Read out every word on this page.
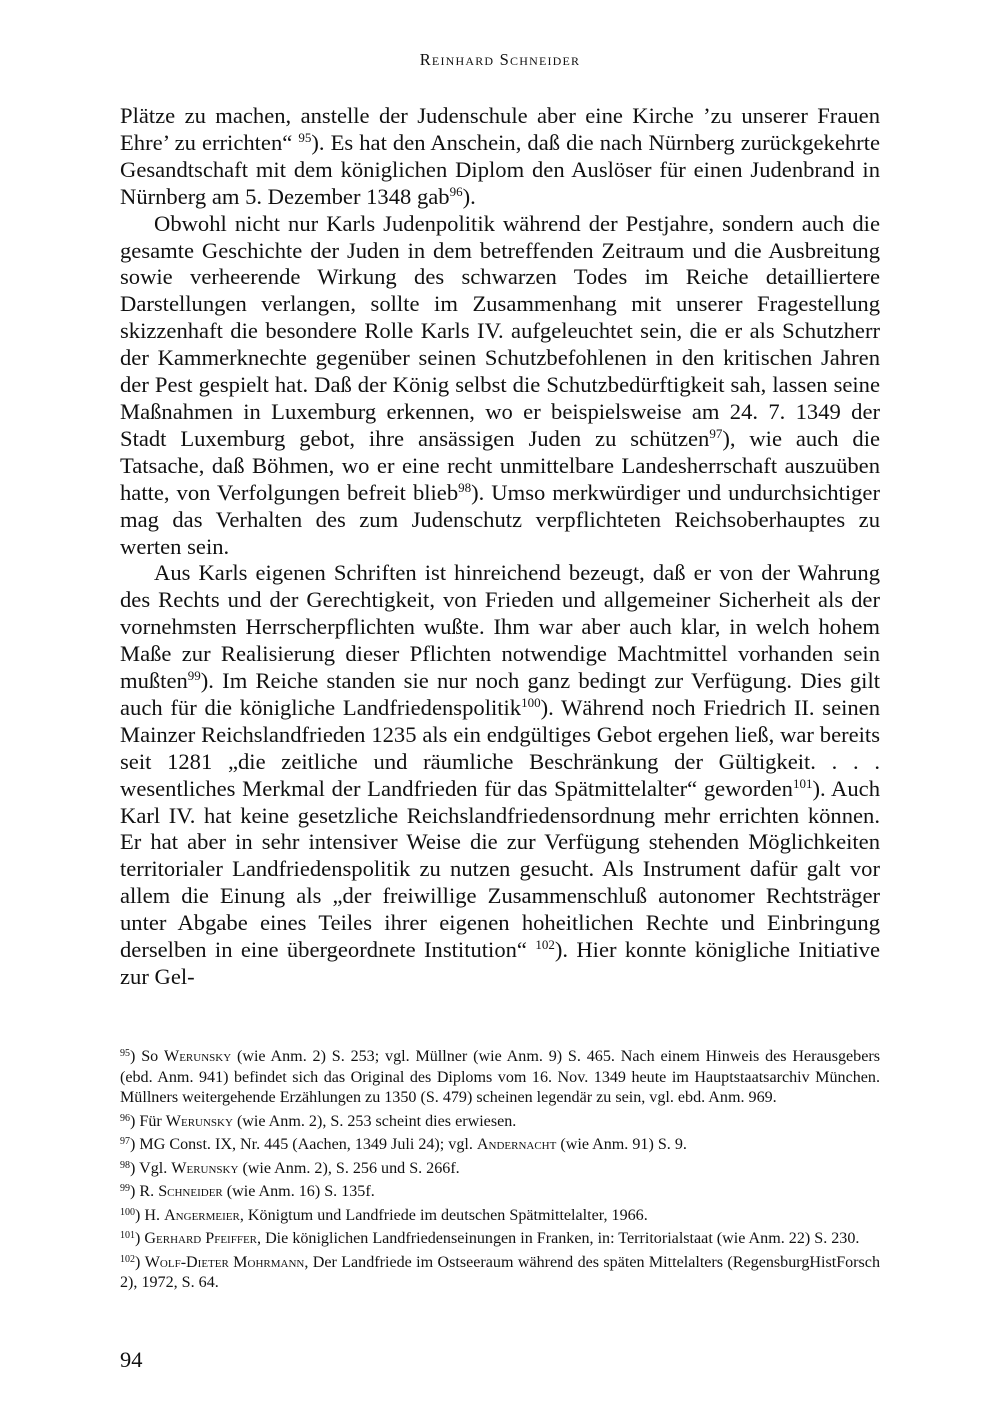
Reinhard Schneider

Plätze zu machen, anstelle der Judenschule aber eine Kirche ’zu unserer Frauen Ehre’ zu errichten“ $^{95}$). Es hat den Anschein, daß die nach Nürnberg zurückgekehrte Gesandtschaft mit dem königlichen Diplom den Auslöser für einen Judenbrand in Nürnberg am 5. Dezember 1348 gab$^{96}$).

Obwohl nicht nur Karls Judenpolitik während der Pestjahre, sondern auch die gesamte Geschichte der Juden in dem betreffenden Zeitraum und die Ausbreitung sowie verheerende Wirkung des schwarzen Todes im Reiche detailliertere Darstellungen verlangen, sollte im Zusammenhang mit unserer Fragestellung skizzenhaft die besondere Rolle Karls IV. aufgeleuchtet sein, die er als Schutzherr der Kammerknechte gegenüber seinen Schutzbefohlenen in den kritischen Jahren der Pest gespielt hat. Daß der König selbst die Schutzbedürftigkeit sah, lassen seine Maßnahmen in Luxemburg erkennen, wo er beispielsweise am 24. 7. 1349 der Stadt Luxemburg gebot, ihre ansässigen Juden zu schützen$^{97}$), wie auch die Tatsache, daß Böhmen, wo er eine recht unmittelbare Landesherrschaft auszuüben hatte, von Verfolgungen befreit blieb$^{98}$). Umso merkwürdiger und undurchsichtiger mag das Verhalten des zum Judenschutz verpflichteten Reichsoberhauptes zu werten sein.

Aus Karls eigenen Schriften ist hinreichend bezeugt, daß er von der Wahrung des Rechts und der Gerechtigkeit, von Frieden und allgemeiner Sicherheit als der vornehmsten Herrscherpflichten wußte. Ihm war aber auch klar, in welch hohem Maße zur Realisierung dieser Pflichten notwendige Machtmittel vorhanden sein mußten$^{99}$). Im Reiche standen sie nur noch ganz bedingt zur Verfügung. Dies gilt auch für die königliche Landfriedenspolitik$^{100}$). Während noch Friedrich II. seinen Mainzer Reichslandfrieden 1235 als ein endgültiges Gebot ergehen ließ, war bereits seit 1281 „die zeitliche und räumliche Beschränkung der Gültigkeit. . . . wesentliches Merkmal der Landfrieden für das Spätmittelalter“ geworden$^{101}$). Auch Karl IV. hat keine gesetzliche Reichslandfriedensordnung mehr errichten können. Er hat aber in sehr intensiver Weise die zur Verfügung stehenden Möglichkeiten territorialer Landfriedenspolitik zu nutzen gesucht. Als Instrument dafür galt vor allem die Einung als „der freiwillige Zusammenschluß autonomer Rechtsträger unter Abgabe eines Teiles ihrer eigenen hoheitlichen Rechte und Einbringung derselben in eine übergeordnete Institution“ $^{102}$). Hier konnte königliche Initiative zur Gel-

$^{95}$) So Werunsky (wie Anm. 2) S. 253; vgl. Müllner (wie Anm. 9) S. 465. Nach einem Hinweis des Herausgebers (ebd. Anm. 941) befindet sich das Original des Diploms vom 16. Nov. 1349 heute im Hauptstaatsarchiv München. Müllners weitergehende Erzählungen zu 1350 (S. 479) scheinen legendär zu sein, vgl. ebd. Anm. 969.

$^{96}$) Für Werunsky (wie Anm. 2), S. 253 scheint dies erwiesen.

$^{97}$) MG Const. IX, Nr. 445 (Aachen, 1349 Juli 24); vgl. Andernacht (wie Anm. 91) S. 9.

$^{98}$) Vgl. Werunsky (wie Anm. 2), S. 256 und S. 266f.

$^{99}$) R. Schneider (wie Anm. 16) S. 135f.

$^{100}$) H. Angermeier, Königtum und Landfriede im deutschen Spätmittelalter, 1966.

$^{101}$) Gerhard Pfeiffer, Die königlichen Landfriedenseinungen in Franken, in: Territorialstaat (wie Anm. 22) S. 230.

$^{102}$) Wolf-Dieter Mohrmann, Der Landfriede im Ostseeraum während des späten Mittelalters (RegensburgHistForsch 2), 1972, S. 64.

94
